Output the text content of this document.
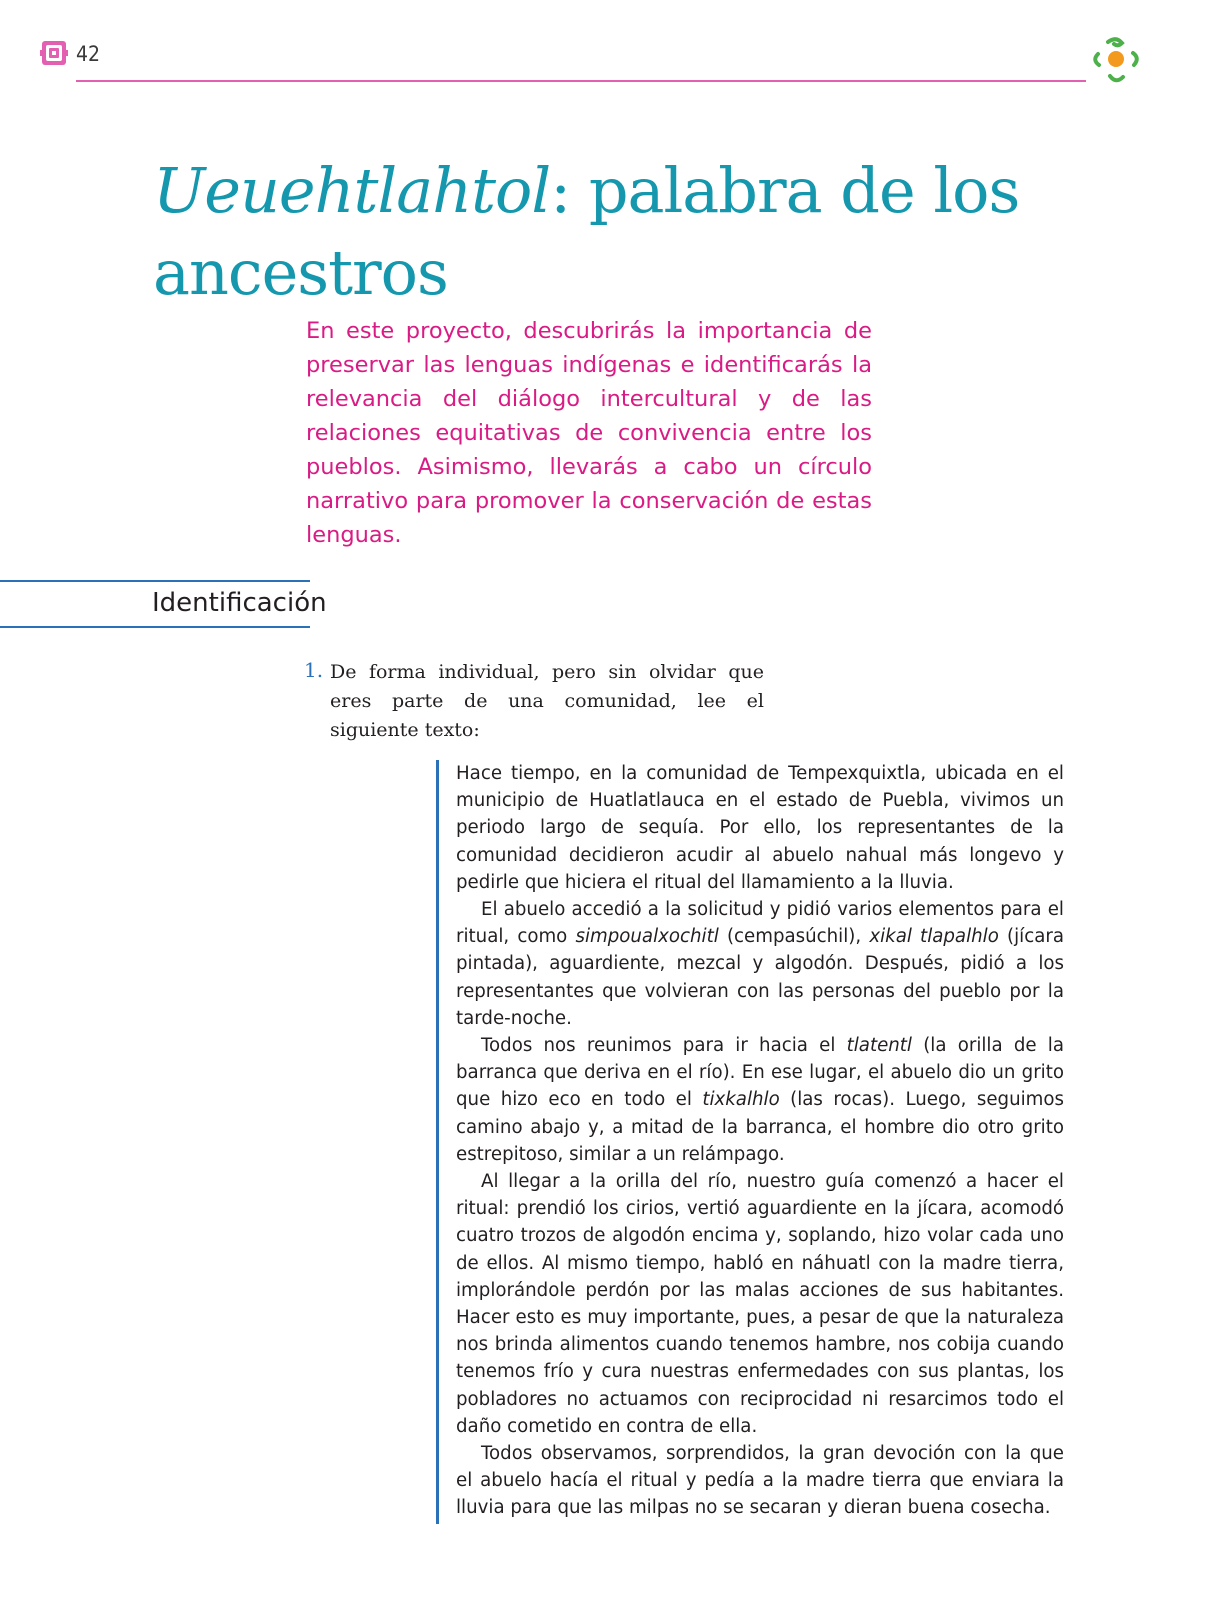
42
Ueuehtlahtol: palabra de los ancestros

En este proyecto, descubrirás la importancia de preservar las lenguas indígenas e identificarás la relevancia del diálogo intercultural y de las relaciones equitativas de convivencia entre los pueblos. Asimismo, llevarás a cabo un círculo narrativo para promover la conservación de estas lenguas.

Identificación
1. De forma individual, pero sin olvidar que eres parte de una comunidad, lee el siguiente texto:

Hace tiempo, en la comunidad de Tempexquixtla, ubicada en el municipio de Huatlatlauca en el estado de Puebla, vivimos un periodo largo de sequía. Por ello, los representantes de la comunidad decidieron acudir al abuelo nahual más longevo y pedirle que hiciera el ritual del llamamiento a la lluvia.

El abuelo accedió a la solicitud y pidió varios elementos para el ritual, como simpoualxochitl (cempasúchil), xikal tlapalhlo (jícara pintada), aguardiente, mezcal y algodón. Después, pidió a los representantes que volvieran con las personas del pueblo por la tarde-noche.

Todos nos reunimos para ir hacia el tlatentl (la orilla de la barranca que deriva en el río). En ese lugar, el abuelo dio un grito que hizo eco en todo el tixkalhlo (las rocas). Luego, seguimos camino abajo y, a mitad de la barranca, el hombre dio otro grito estrepitoso, similar a un relámpago.

Al llegar a la orilla del río, nuestro guía comenzó a hacer el ritual: prendió los cirios, vertió aguardiente en la jícara, acomodó cuatro trozos de algodón encima y, soplando, hizo volar cada uno de ellos. Al mismo tiempo, habló en náhuatl con la madre tierra, implorándole perdón por las malas acciones de sus habitantes. Hacer esto es muy importante, pues, a pesar de que la naturaleza nos brinda alimentos cuando tenemos hambre, nos cobija cuando tenemos frío y cura nuestras enfermedades con sus plantas, los pobladores no actuamos con reciprocidad ni resarcimos todo el daño cometido en contra de ella.

Todos observamos, sorprendidos, la gran devoción con la que el abuelo hacía el ritual y pedía a la madre tierra que enviara la lluvia para que las milpas no se secaran y dieran buena cosecha.
